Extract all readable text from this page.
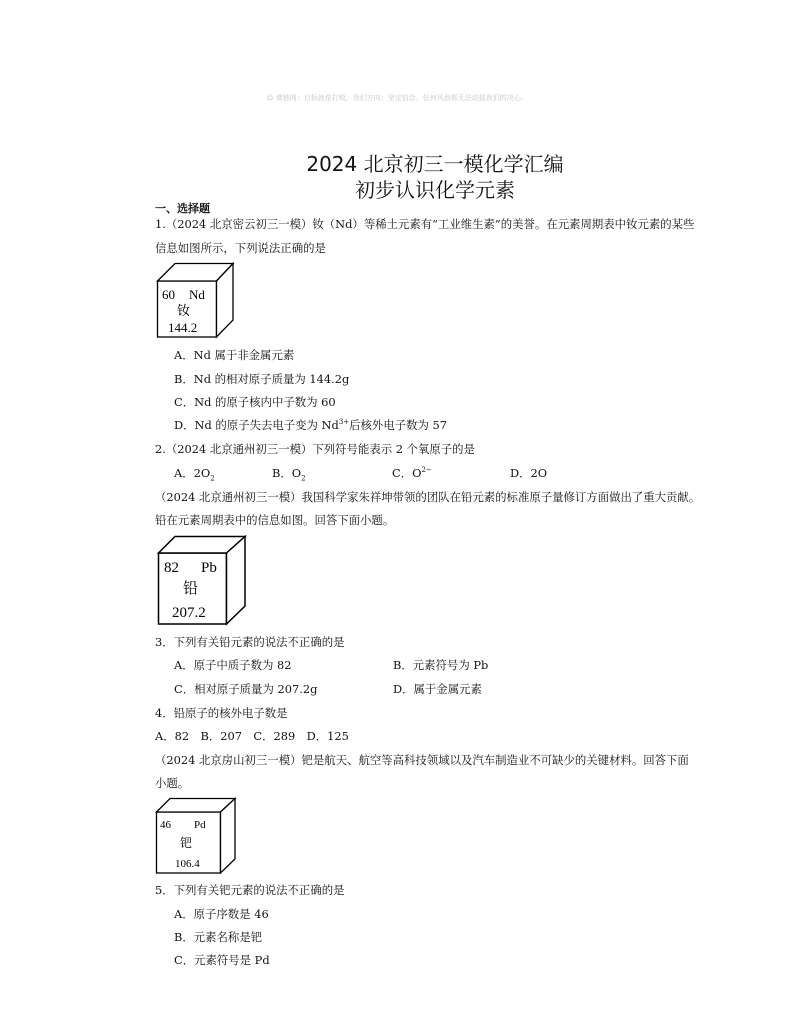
☺ 课链网：目标就是打败，我们方向：坚定信念，任何风浪都无法动摇我们的决心。
2024 北京初三一模化学汇编
初步认识化学元素
一、选择题
1.（2024 北京密云初三一模）钕（Nd）等稀土元素有“工业维生素”的美誉。在元素周期表中钕元素的某些
信息如图所示，下列说法正确的是
60 Nd
钕
144.2
A．Nd 属于非金属元素
B．Nd 的相对原子质量为 144.2g
C．Nd 的原子核内中子数为 60
D．Nd 的原子失去电子变为 $Nd^{3+}$后核外电子数为 57
2.（2024 北京通州初三一模）下列符号能表示 2 个氧原子的是
A．$2O_2$	B．$O_2$	C．$O^{2-}$	D．2O
（2024 北京通州初三一模）我国科学家朱祥坤带领的团队在铅元素的标准原子量修订方面做出了重大贡献。
铅在元素周期表中的信息如图。回答下面小题。
82 Pb
铅
207.2
3．下列有关铅元素的说法不正确的是
A．原子中质子数为 82	B．元素符号为 Pb
C．相对原子质量为 207.2g	D．属于金属元素
4．铅原子的核外电子数是
A．82　B．207　C．289　D．125
（2024 北京房山初三一模）钯是航天、航空等高科技领域以及汽车制造业不可缺少的关键材料。回答下面
小题。
46 Pd
钯
106.4
5．下列有关钯元素的说法不正确的是
A．原子序数是 46
B．元素名称是钯
C．元素符号是 Pd
